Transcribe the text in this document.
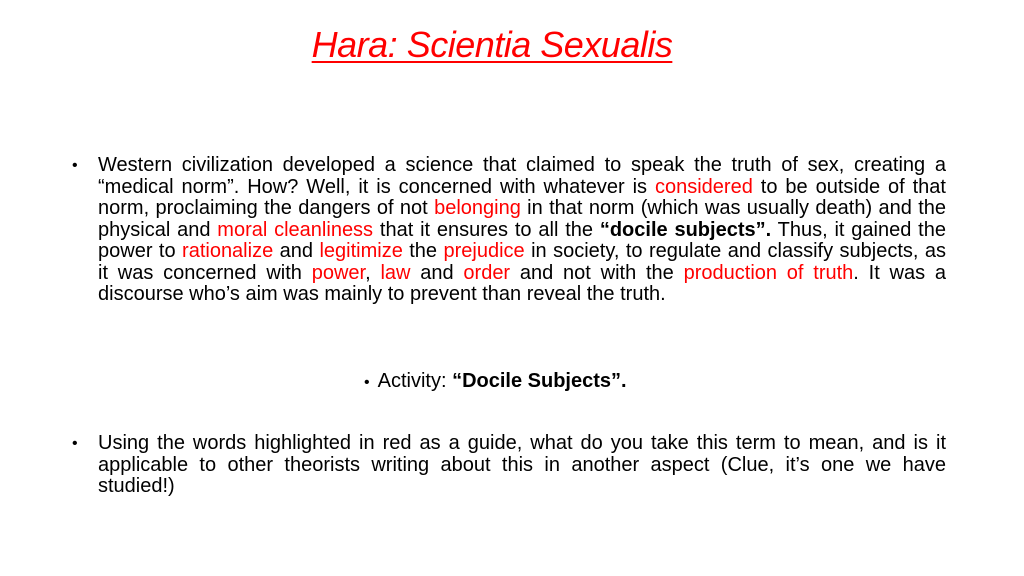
Hara: Scientia Sexualis
• Western civilization developed a science that claimed to speak the truth of sex, creating a “medical norm”. How? Well, it is concerned with whatever is considered to be outside of that norm, proclaiming the dangers of not belonging in that norm (which was usually death) and the physical and moral cleanliness that it ensures to all the “docile subjects”. Thus, it gained the power to rationalize and legitimize the prejudice in society, to regulate and classify subjects, as it was concerned with power, law and order and not with the production of truth. It was a discourse who’s aim was mainly to prevent than reveal the truth.
• Activity: “Docile Subjects”.
• Using the words highlighted in red as a guide, what do you take this term to mean, and is it applicable to other theorists writing about this in another aspect (Clue, it’s one we have studied!)
